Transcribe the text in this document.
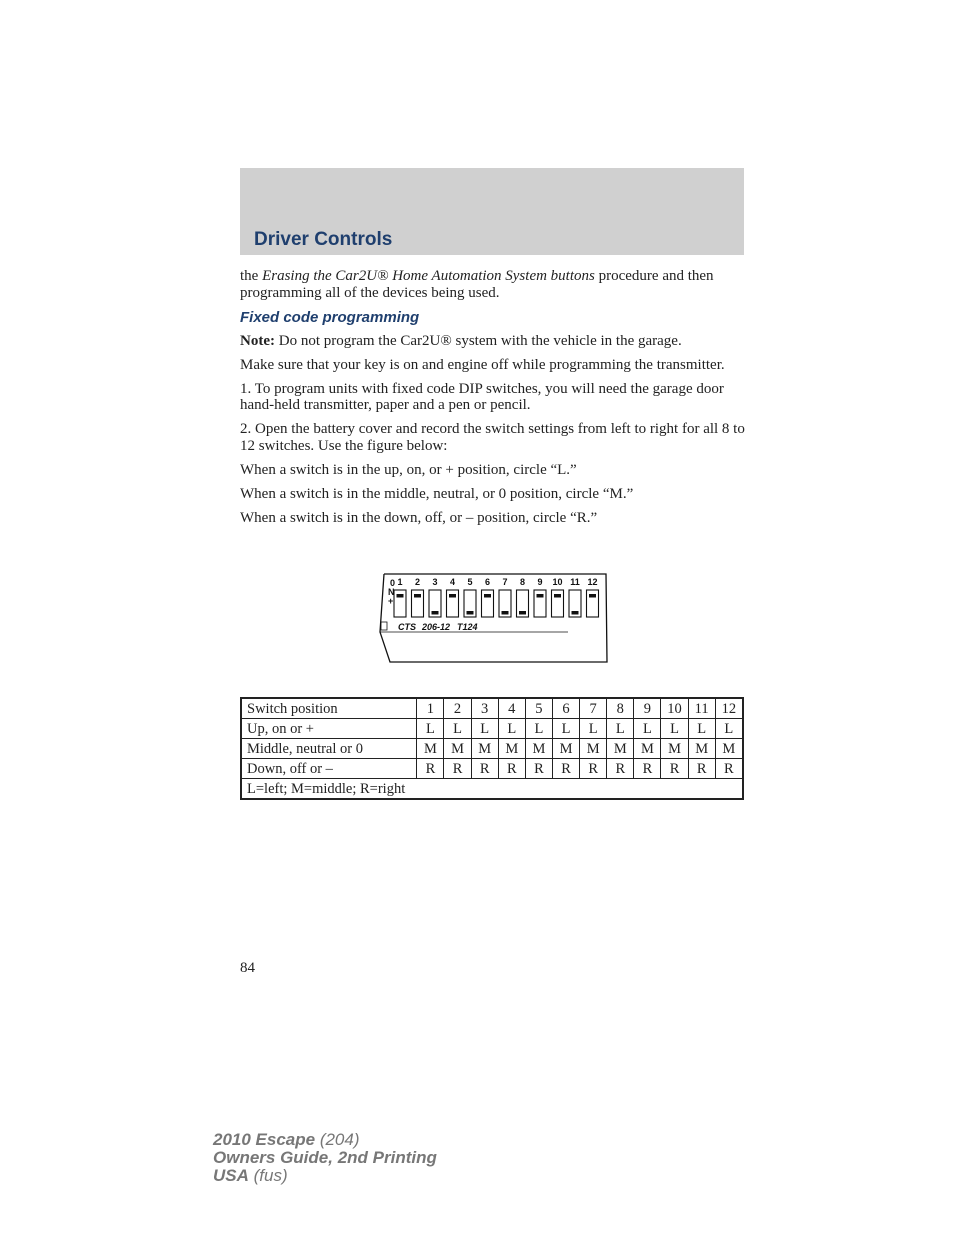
Driver Controls

the Erasing the Car2U® Home Automation System buttons procedure and then programming all of the devices being used.

Fixed code programming

Note: Do not program the Car2U® system with the vehicle in the garage.

Make sure that your key is on and engine off while programming the transmitter.

1. To program units with fixed code DIP switches, you will need the garage door hand-held transmitter, paper and a pen or pencil.

2. Open the battery cover and record the switch settings from left to right for all 8 to 12 switches. Use the figure below:

When a switch is in the up, on, or + position, circle “L.”

When a switch is in the middle, neutral, or 0 position, circle “M.”

When a switch is in the down, off, or – position, circle “R.”

0
N
+
1 2 3 4 5 6 7 8 9 10 11 12
CTS 206-12 T124
Switch position	1	2	3	4	5	6	7	8	9	10	11	12
Up, on or +	L	L	L	L	L	L	L	L	L	L	L	L
Middle, neutral or 0	M	M	M	M	M	M	M	M	M	M	M	M
Down, off or –	R	R	R	R	R	R	R	R	R	R	R	R
L=left; M=middle; R=right												
84
2010 Escape (204)
Owners Guide, 2nd Printing
USA (fus)
